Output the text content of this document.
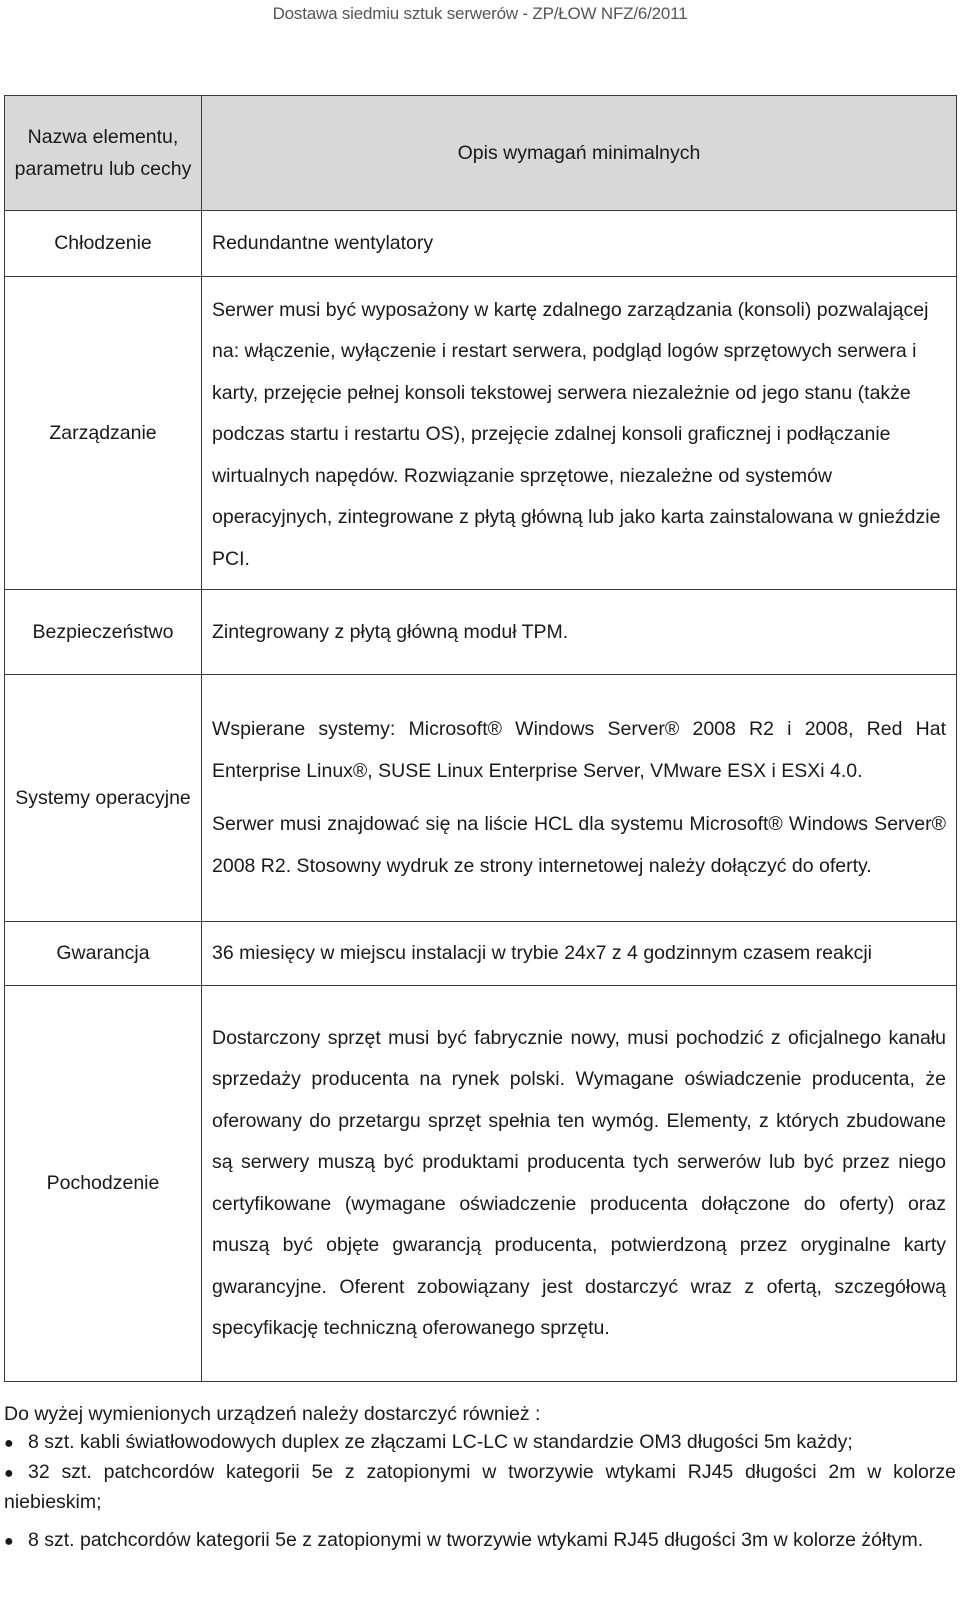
Dostawa siedmiu sztuk serwerów - ZP/ŁOW NFZ/6/2011
Nazwa elementu, parametru lub cechy	Opis wymagań minimalnych
Chłodzenie	Redundantne wentylatory
Zarządzanie	Serwer musi być wyposażony w kartę zdalnego zarządzania (konsoli) pozwalającej na: włączenie, wyłączenie i restart serwera, podgląd logów sprzętowych serwera i karty, przejęcie pełnej konsoli tekstowej serwera niezależnie od jego stanu (także podczas startu i restartu OS), przejęcie zdalnej konsoli graficznej i podłączanie wirtualnych napędów. Rozwiązanie sprzętowe, niezależne od systemów operacyjnych, zintegrowane z płytą główną lub jako karta zainstalowana w gnieździe PCI.
Bezpieczeństwo	Zintegrowany z płytą główną moduł TPM.
Systemy operacyjne	Wspierane systemy: Microsoft® Windows Server® 2008 R2 i 2008, Red Hat Enterprise Linux®, SUSE Linux Enterprise Server, VMware ESX i ESXi 4.0.

Serwer musi znajdować się na liście HCL dla systemu Microsoft® Windows Server® 2008 R2. Stosowny wydruk ze strony internetowej należy dołączyć do oferty.

Gwarancja	36 miesięcy w miejscu instalacji w trybie 24x7 z 4 godzinnym czasem reakcji
Pochodzenie	Dostarczony sprzęt musi być fabrycznie nowy, musi pochodzić z oficjalnego kanału sprzedaży producenta na rynek polski. Wymagane oświadczenie producenta, że oferowany do przetargu sprzęt spełnia ten wymóg. Elementy, z których zbudowane są serwery muszą być produktami producenta tych serwerów lub być przez niego certyfikowane (wymagane oświadczenie producenta dołączone do oferty) oraz muszą być objęte gwarancją producenta, potwierdzoną przez oryginalne karty gwarancyjne. Oferent zobowiązany jest dostarczyć wraz z ofertą, szczegółową specyfikację techniczną oferowanego sprzętu.

Do wyżej wymienionych urządzeń należy dostarczyć również :

● 8 szt. kabli światłowodowych duplex ze złączami LC-LC w standardzie OM3 długości 5m każdy;
● 32 szt. patchcordów kategorii 5e z zatopionymi w tworzywie wtykami RJ45 długości 2m w kolorze niebieskim;
● 8 szt. patchcordów kategorii 5e z zatopionymi w tworzywie wtykami RJ45 długości 3m w kolorze żółtym.
